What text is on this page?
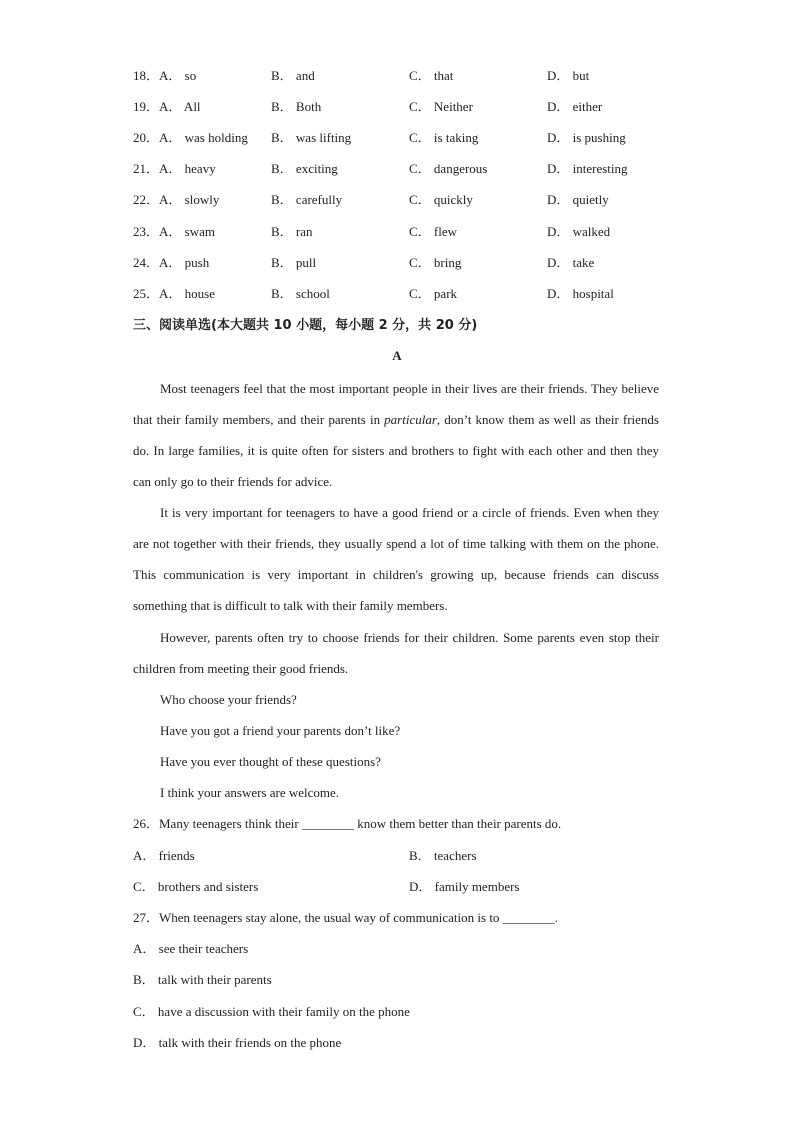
18．A． so	B． and	C． that	D． but
19．A． All	B． Both	C． Neither	D． either
20．A． was holding B． was lifting	C． is taking	D． is pushing
21．A． heavy	B． exciting	C． dangerous	D． interesting
22．A． slowly	B． carefully	C． quickly	D． quietly
23．A． swam	B． ran	C． flew	D． walked
24．A． push	B． pull	C． bring	D． take
25．A． house	B． school	C． park	D． hospital
三、阅读单选(本大题共 10 小题，每小题 2 分，共 20 分)
A

Most teenagers feel that the most important people in their lives are their friends. They believe that their family members, and their parents in particular, don’t know them as well as their friends do. In large families, it is quite often for sisters and brothers to fight with each other and then they can only go to their friends for advice.

It is very important for teenagers to have a good friend or a circle of friends. Even when they are not together with their friends, they usually spend a lot of time talking with them on the phone. This communication is very important in children's growing up, because friends can discuss something that is difficult to talk with their family members.

However, parents often try to choose friends for their children. Some parents even stop their children from meeting their good friends.

Who choose your friends?
Have you got a friend your parents don’t like?
Have you ever thought of these questions?
I think your answers are welcome.
26．Many teenagers think their ________ know them better than their parents do.
A． friends	B． teachers
C． brothers and sisters	D． family members
27．When teenagers stay alone, the usual way of communication is to ________.
A． see their teachers
B． talk with their parents
C． have a discussion with their family on the phone
D． talk with their friends on the phone
